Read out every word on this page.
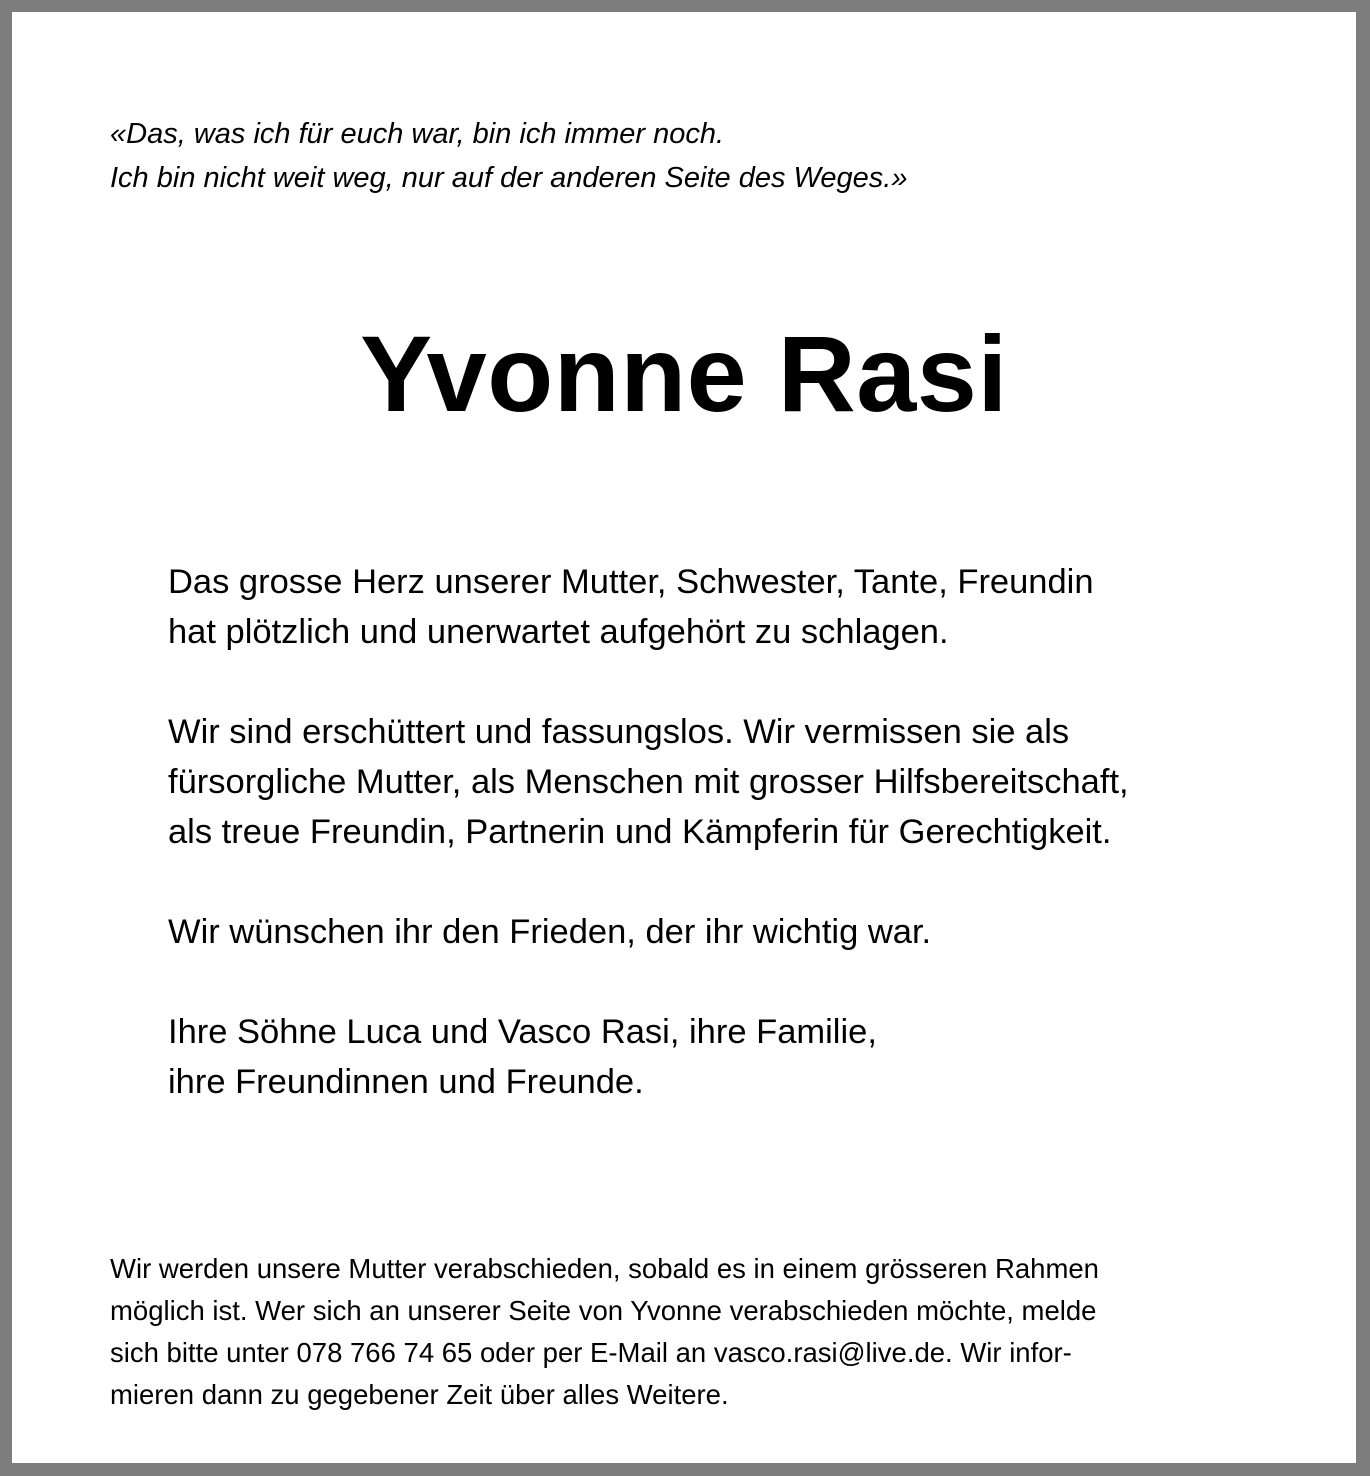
«Das, was ich für euch war, bin ich immer noch.
Ich bin nicht weit weg, nur auf der anderen Seite des Weges.»
Yvonne Rasi

Das grosse Herz unserer Mutter, Schwester, Tante, Freundin
hat plötzlich und unerwartet aufgehört zu schlagen.

Wir sind erschüttert und fassungslos. Wir vermissen sie als
fürsorgliche Mutter, als Menschen mit grosser Hilfsbereitschaft,
als treue Freundin, Partnerin und Kämpferin für Gerechtigkeit.

Wir wünschen ihr den Frieden, der ihr wichtig war.

Ihre Söhne Luca und Vasco Rasi, ihre Familie,
ihre Freundinnen und Freunde.

Wir werden unsere Mutter verabschieden, sobald es in einem grösseren Rahmen
möglich ist. Wer sich an unserer Seite von Yvonne verabschieden möchte, melde
sich bitte unter 078 766 74 65 oder per E-Mail an vasco.rasi@live.de. Wir infor-
mieren dann zu gegebener Zeit über alles Weitere.
